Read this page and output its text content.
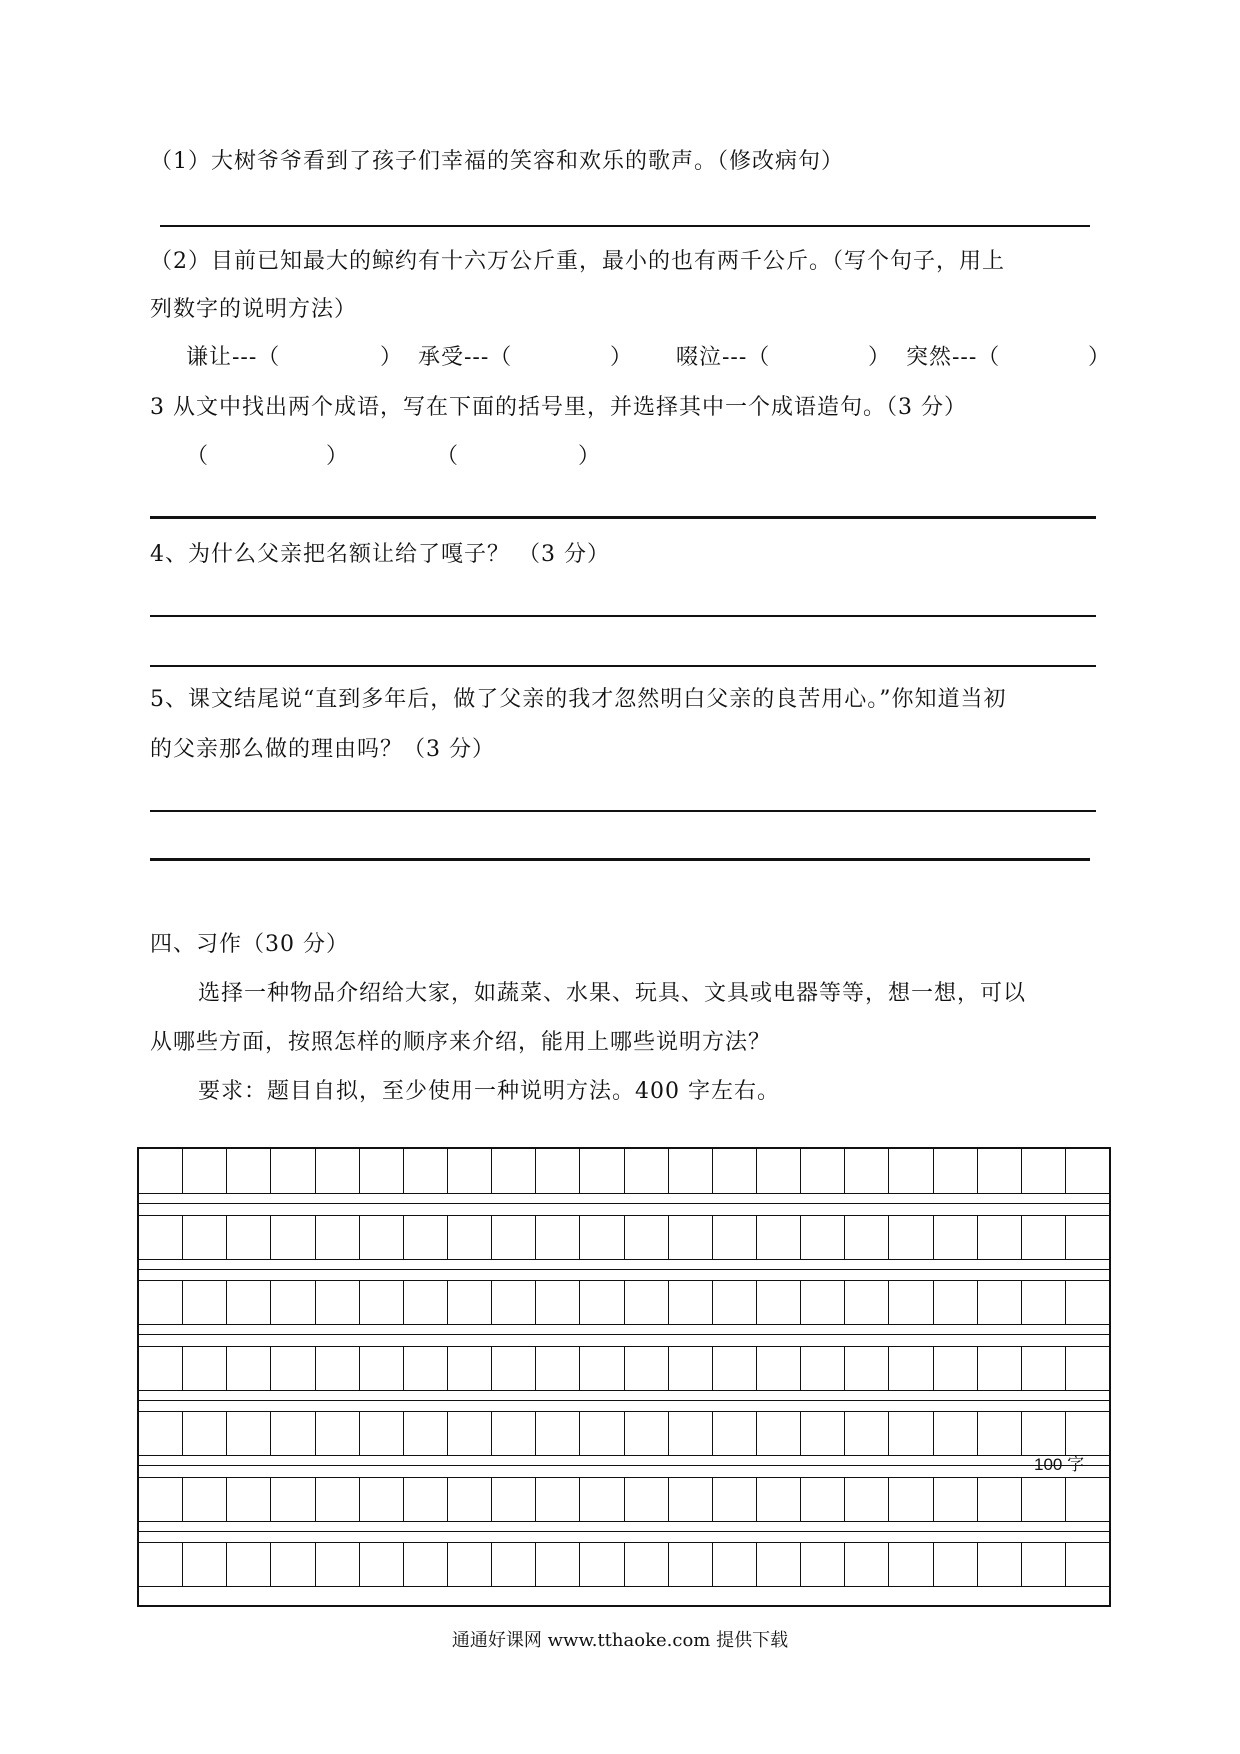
（1）大树爷爷看到了孩子们幸福的笑容和欢乐的歌声。（修改病句）
（2）目前已知最大的鲸约有十六万公斤重，最小的也有两千公斤。（写个句子，用上
列数字的说明方法）
谦让---（	） 承受---（	） 啜泣---（	） 突然---（	）
3 从文中找出两个成语，写在下面的括号里，并选择其中一个成语造句。（3 分）
（	）	（	）
4、为什么父亲把名额让给了嘎子？ （3 分）
5、课文结尾说“直到多年后，做了父亲的我才忽然明白父亲的良苦用心。”你知道当初
的父亲那么做的理由吗？（3 分）
四、习作（30 分）
选择一种物品介绍给大家，如蔬菜、水果、玩具、文具或电器等等，想一想，可以
从哪些方面，按照怎样的顺序来介绍，能用上哪些说明方法？
要求：题目自拟，至少使用一种说明方法。400 字左右。
100 字
通通好课网 www.tthaoke.com 提供下载
